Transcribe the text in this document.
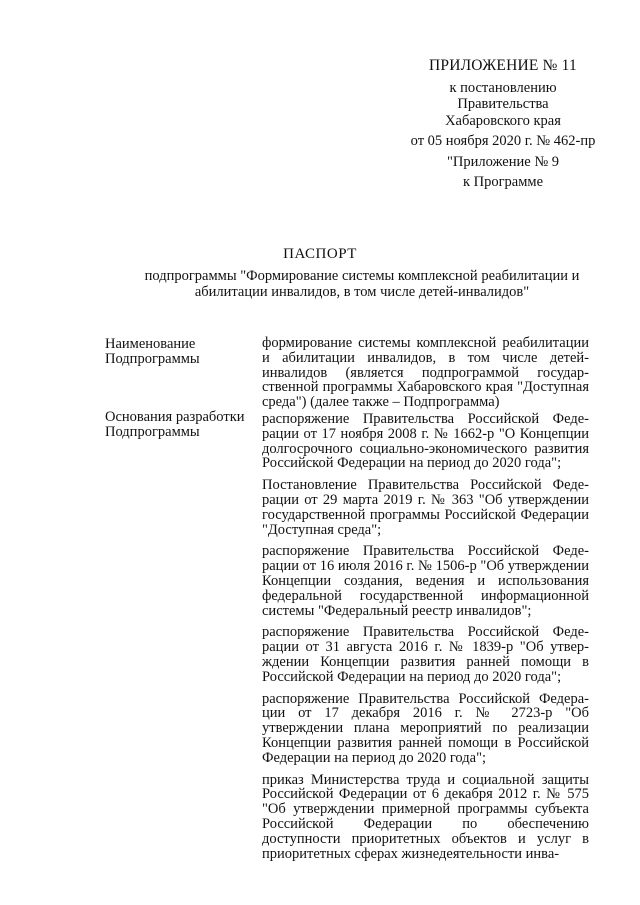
ПРИЛОЖЕНИЕ № 11
к постановлению
Правительства
Хабаровского края
от 05 ноября 2020 г. № 462-пр
"Приложение № 9
к Программе
ПАСПОРТ
подпрограммы "Формирование системы комплексной реабилитации и абилитации инвалидов, в том числе детей-инвалидов"
Наименование Подпрограммы

формирование системы комплексной реабилитации и абилитации инвалидов, в том числе детей-инвалидов (является подпрограммой государственной программы Хабаровского края "Доступная среда") (далее также – Подпрограмма)

Основания разработки Подпрограммы

распоряжение Правительства Российской Федерации от 17 ноября 2008 г. № 1662-р "О Концепции долгосрочного социально-экономического развития Российской Федерации на период до 2020 года";

Постановление Правительства Российской Федерации от 29 марта 2019 г. № 363 "Об утверждении государственной программы Российской Федерации "Доступная среда";

распоряжение Правительства Российской Федерации от 16 июля 2016 г. № 1506-р "Об утверждении Концепции создания, ведения и использования федеральной государственной информационной системы "Федеральный реестр инвалидов";

распоряжение Правительства Российской Федерации от 31 августа 2016 г. № 1839-р "Об утверждении Концепции развития ранней помощи в Российской Федерации на период до 2020 года";

распоряжение Правительства Российской Федерации от 17 декабря 2016 г. № 2723-р "Об утверждении плана мероприятий по реализации Концепции развития ранней помощи в Российской Федерации на период до 2020 года";

приказ Министерства труда и социальной защиты Российской Федерации от 6 декабря 2012 г. № 575 "Об утверждении примерной программы субъекта Российской Федерации по обеспечению доступности приоритетных объектов и услуг в приоритетных сферах жизнедеятельности инва-
